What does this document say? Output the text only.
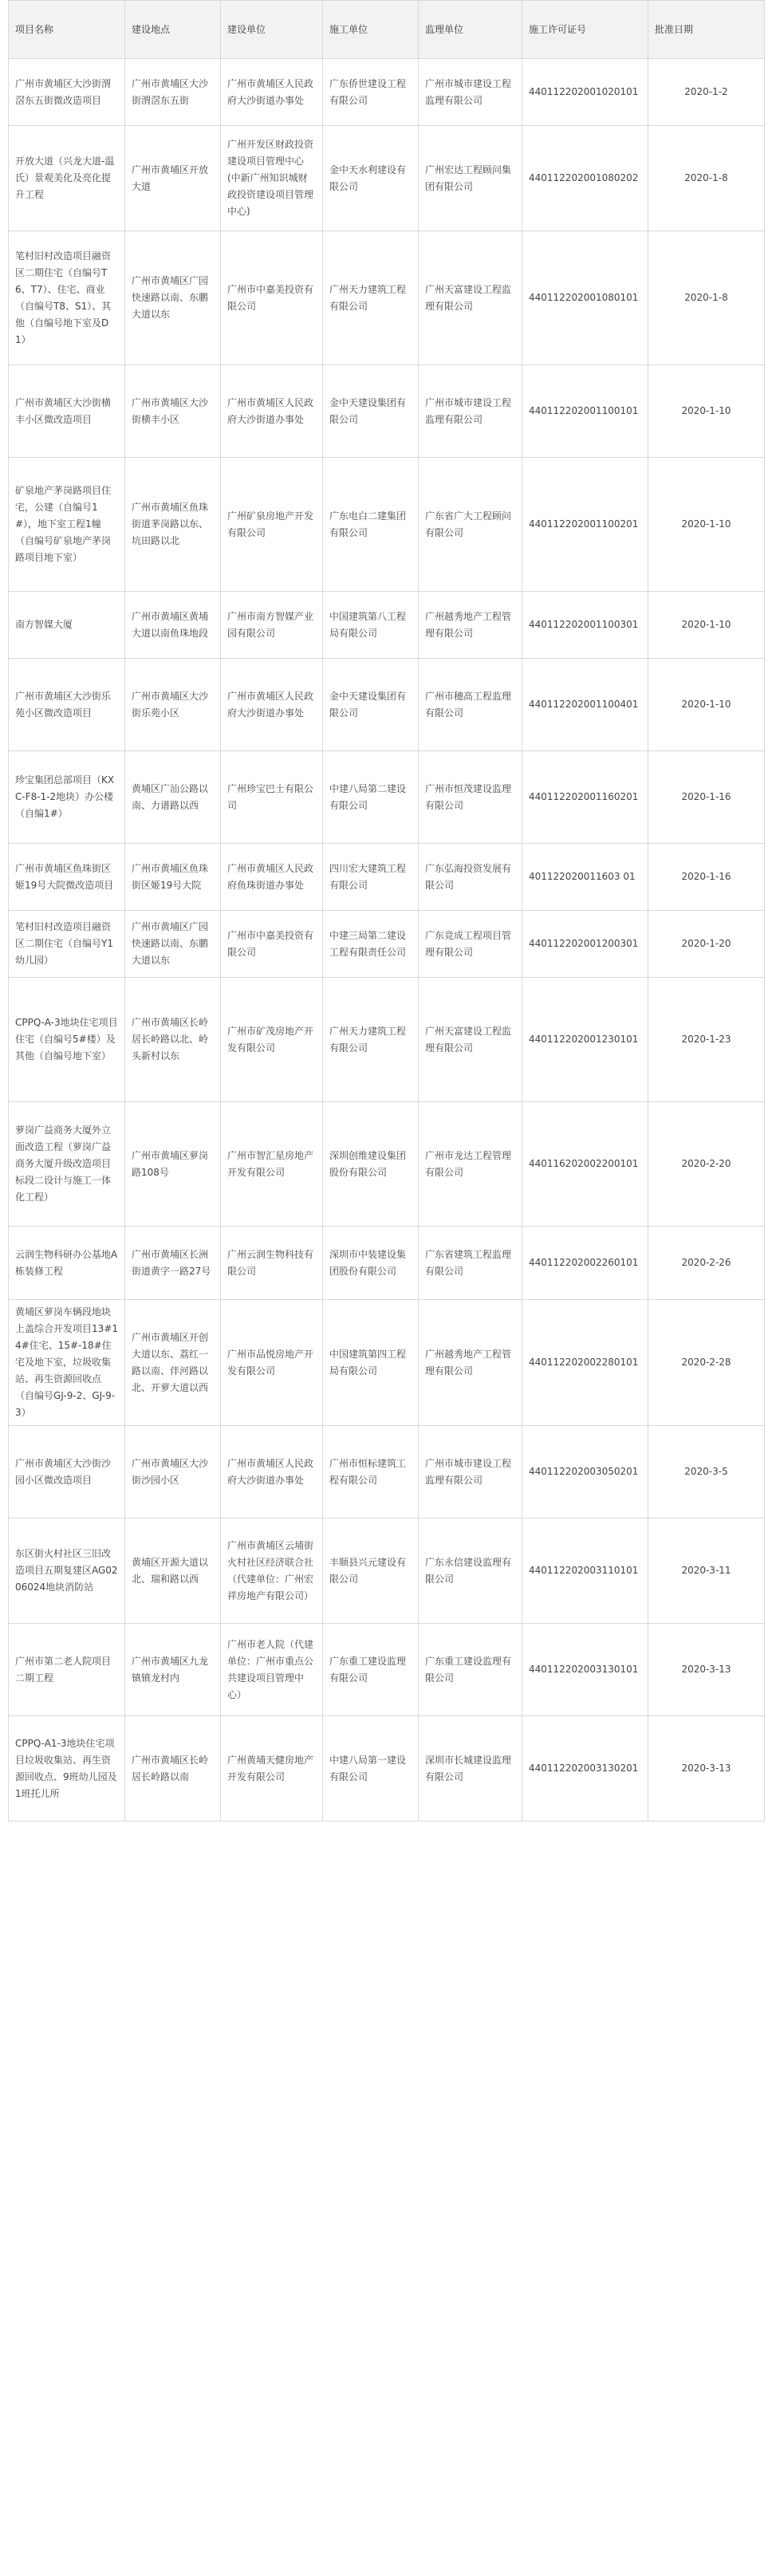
项目名称	建设地点	建设单位	施工单位	监理单位	施工许可证号	批准日期
广州市黄埔区大沙街渭滘东五街微改造项目	广州市黄埔区大沙街渭滘东五街	广州市黄埔区人民政府大沙街道办事处	广东侨世建设工程有限公司	广州市城市建设工程监理有限公司	440112202001020101	2020-1-2
开放大道（兴龙大道-温氏）景观美化及亮化提升工程	广州市黄埔区开放大道	广州开发区财政投资建设项目管理中心(中新广州知识城财政投资建设项目管理中心)	金中天水利建设有限公司	广州宏达工程顾问集团有限公司	440112202001080202	2020-1-8
笔村旧村改造项目融资区二期住宅（自编号T6、T7）、住宅、商业（自编号T8、S1）、其他（自编号地下室及D1）	广州市黄埔区广园快速路以南、东鹏大道以东	广州市中嘉美投资有限公司	广州天力建筑工程有限公司	广州天富建设工程监理有限公司	440112202001080101	2020-1-8
广州市黄埔区大沙街横丰小区微改造项目	广州市黄埔区大沙街横丰小区	广州市黄埔区人民政府大沙街道办事处	金中天建设集团有限公司	广州市城市建设工程监理有限公司	440112202001100101	2020-1-10
矿泉地产茅岗路项目住宅，公建（自编号1#），地下室工程1幢（自编号矿泉地产茅岗路项目地下室）	广州市黄埔区鱼珠街道茅岗路以东、坑田路以北	广州矿泉房地产开发有限公司	广东电白二建集团有限公司	广东省广大工程顾问有限公司	440112202001100201	2020-1-10
南方智媒大厦	广州市黄埔区黄埔大道以南鱼珠地段	广州市南方智媒产业园有限公司	中国建筑第八工程局有限公司	广州越秀地产工程管理有限公司	440112202001100301	2020-1-10
广州市黄埔区大沙街乐苑小区微改造项目	广州市黄埔区大沙街乐苑小区	广州市黄埔区人民政府大沙街道办事处	金中天建设集团有限公司	广州市穗高工程监理有限公司	440112202001100401	2020-1-10
珍宝集团总部项目（KXC-F8-1-2地块）办公楼（自编1#）	黄埔区广汕公路以南、力谱路以西	广州珍宝巴士有限公司	中建八局第二建设有限公司	广州市恒茂建设监理有限公司	440112202001160201	2020-1-16
广州市黄埔区鱼珠街区姬19号大院微改造项目	广州市黄埔区鱼珠街区姬19号大院	广州市黄埔区人民政府鱼珠街道办事处	四川宏大建筑工程有限公司	广东弘海投资发展有限公司	401122020011603 01	2020-1-16
笔村旧村改造项目融资区二期住宅（自编号Y1幼儿园）	广州市黄埔区广园快速路以南、东鹏大道以东	广州市中嘉美投资有限公司	中建三局第二建设工程有限责任公司	广东竞成工程项目管理有限公司	440112202001200301	2020-1-20
CPPQ-A-3地块住宅项目住宅（自编号5#楼）及其他（自编号地下室）	广州市黄埔区长岭居长岭路以北、岭头新村以东	广州市矿茂房地产开发有限公司	广州天力建筑工程有限公司	广州天富建设工程监理有限公司	440112202001230101	2020-1-23
萝岗广益商务大厦外立面改造工程（萝岗广益商务大厦升级改造项目标段二设计与施工一体化工程）	广州市黄埔区萝岗路108号	广州市智汇星房地产开发有限公司	深圳创维建设集团股份有限公司	广州市龙达工程管理有限公司	440116202002200101	2020-2-20
云润生物科研办公基地A栋装修工程	广州市黄埔区长洲街道黄字一路27号	广州云润生物科技有限公司	深圳市中装建设集团股份有限公司	广东省建筑工程监理有限公司	440112202002260101	2020-2-26
黄埔区萝岗车辆段地块上盖综合开发项目13#14#住宅、15#-18#住宅及地下室，垃圾收集站、再生资源回收点（自编号GJ-9-2、GJ-9-3）	广州市黄埔区开创大道以东、荔红一路以南、伴河路以北、开萝大道以西	广州市品悦房地产开发有限公司	中国建筑第四工程局有限公司	广州越秀地产工程管理有限公司	440112202002280101	2020-2-28
广州市黄埔区大沙街沙园小区微改造项目	广州市黄埔区大沙街沙园小区	广州市黄埔区人民政府大沙街道办事处	广州市恒标建筑工程有限公司	广州市城市建设工程监理有限公司	440112202003050201	2020-3-5
东区街火村社区三旧改造项目五期复建区AG0206024地块消防站	黄埔区开源大道以北、瑞和路以西	广州市黄埔区云埔街火村社区经济联合社（代建单位：广州宏祥房地产有限公司）	丰顺县兴元建设有限公司	广东永信建设监理有限公司	440112202003110101	2020-3-11
广州市第二老人院项目二期工程	广州市黄埔区九龙镇镇龙村内	广州市老人院（代建单位：广州市重点公共建设项目管理中心）	广东重工建设监理有限公司	广东重工建设监理有限公司	440112202003130101	2020-3-13
CPPQ-A1-3地块住宅项目垃圾收集站、再生资源回收点、9班幼儿园及1班托儿所	广州市黄埔区长岭居长岭路以南	广州黄埔天健房地产开发有限公司	中建八局第一建设有限公司	深圳市长城建设监理有限公司	440112202003130201	2020-3-13
